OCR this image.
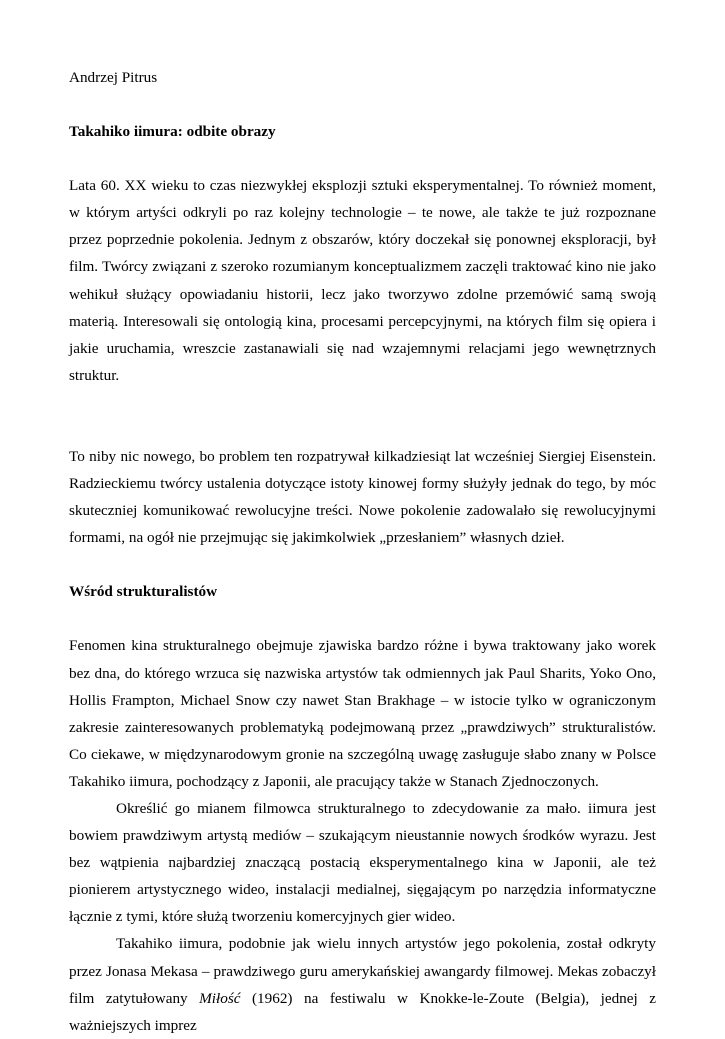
Andrzej Pitrus

Takahiko iimura: odbite obrazy

Lata 60. XX wieku to czas niezwykłej eksplozji sztuki eksperymentalnej. To również moment, w którym artyści odkryli po raz kolejny technologie – te nowe, ale także te już rozpoznane przez poprzednie pokolenia. Jednym z obszarów, który doczekał się ponownej eksploracji, był film. Twórcy związani z szeroko rozumianym konceptualizmem zaczęli traktować kino nie jako wehikuł służący opowiadaniu historii, lecz jako tworzywo zdolne przemówić samą swoją materią. Interesowali się ontologią kina, procesami percepcyjnymi, na których film się opiera i jakie uruchamia, wreszcie zastanawiali się nad wzajemnymi relacjami jego wewnętrznych struktur.

To niby nic nowego, bo problem ten rozpatrywał kilkadziesiąt lat wcześniej Siergiej Eisenstein. Radzieckiemu twórcy ustalenia dotyczące istoty kinowej formy służyły jednak do tego, by móc skuteczniej komunikować rewolucyjne treści. Nowe pokolenie zadowalało się rewolucyjnymi formami, na ogół nie przejmując się jakimkolwiek „przesłaniem” własnych dzieł.

Wśród strukturalistów

Fenomen kina strukturalnego obejmuje zjawiska bardzo różne i bywa traktowany jako worek bez dna, do którego wrzuca się nazwiska artystów tak odmiennych jak Paul Sharits, Yoko Ono, Hollis Frampton, Michael Snow czy nawet Stan Brakhage – w istocie tylko w ograniczonym zakresie zainteresowanych problematyką podejmowaną przez „prawdziwych” strukturalistów. Co ciekawe, w międzynarodowym gronie na szczególną uwagę zasługuje słabo znany w Polsce Takahiko iimura, pochodzący z Japonii, ale pracujący także w Stanach Zjednoczonych.

Określić go mianem filmowca strukturalnego to zdecydowanie za mało. iimura jest bowiem prawdziwym artystą mediów – szukającym nieustannie nowych środków wyrazu. Jest bez wątpienia najbardziej znaczącą postacią eksperymentalnego kina w Japonii, ale też pionierem artystycznego wideo, instalacji medialnej, sięgającym po narzędzia informatyczne łącznie z tymi, które służą tworzeniu komercyjnych gier wideo.

Takahiko iimura, podobnie jak wielu innych artystów jego pokolenia, został odkryty przez Jonasa Mekasa – prawdziwego guru amerykańskiej awangardy filmowej. Mekas zobaczył film zatytułowany Miłość (1962) na festiwalu w Knokke-le-Zoute (Belgia), jednej z ważniejszych imprez
